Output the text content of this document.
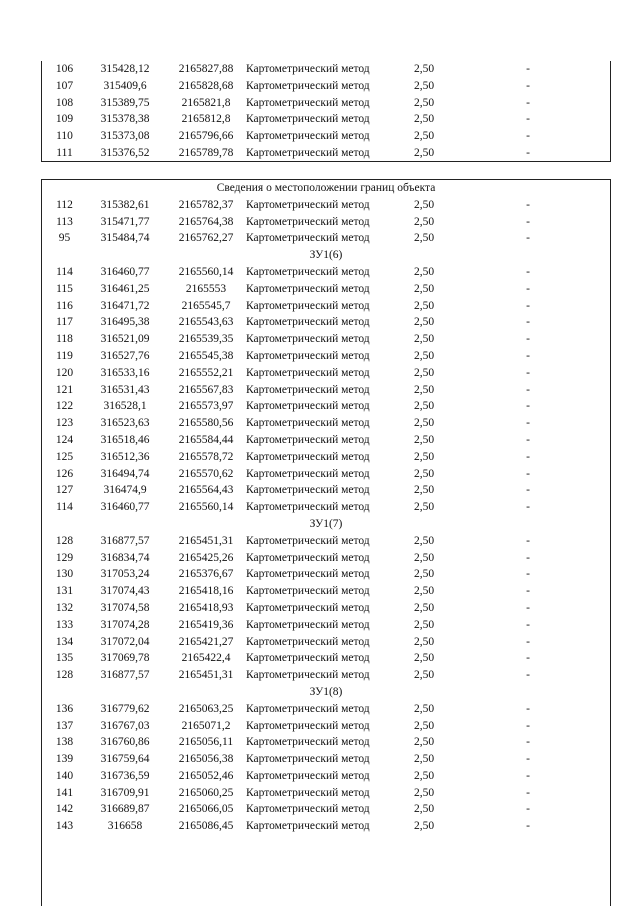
106	315428,12	2165827,88	Картометрический метод	2,50	-
107	315409,6	2165828,68	Картометрический метод	2,50	-
108	315389,75	2165821,8	Картометрический метод	2,50	-
109	315378,38	2165812,8	Картометрический метод	2,50	-
110	315373,08	2165796,66	Картометрический метод	2,50	-
111	315376,52	2165789,78	Картометрический метод	2,50	-
Сведения о местоположении границ объекта
112	315382,61	2165782,37	Картометрический метод	2,50	-
113	315471,77	2165764,38	Картометрический метод	2,50	-
95	315484,74	2165762,27	Картометрический метод	2,50	-
ЗУ1(6)
114	316460,77	2165560,14	Картометрический метод	2,50	-
115	316461,25	2165553	Картометрический метод	2,50	-
116	316471,72	2165545,7	Картометрический метод	2,50	-
117	316495,38	2165543,63	Картометрический метод	2,50	-
118	316521,09	2165539,35	Картометрический метод	2,50	-
119	316527,76	2165545,38	Картометрический метод	2,50	-
120	316533,16	2165552,21	Картометрический метод	2,50	-
121	316531,43	2165567,83	Картометрический метод	2,50	-
122	316528,1	2165573,97	Картометрический метод	2,50	-
123	316523,63	2165580,56	Картометрический метод	2,50	-
124	316518,46	2165584,44	Картометрический метод	2,50	-
125	316512,36	2165578,72	Картометрический метод	2,50	-
126	316494,74	2165570,62	Картометрический метод	2,50	-
127	316474,9	2165564,43	Картометрический метод	2,50	-
114	316460,77	2165560,14	Картометрический метод	2,50	-
ЗУ1(7)
128	316877,57	2165451,31	Картометрический метод	2,50	-
129	316834,74	2165425,26	Картометрический метод	2,50	-
130	317053,24	2165376,67	Картометрический метод	2,50	-
131	317074,43	2165418,16	Картометрический метод	2,50	-
132	317074,58	2165418,93	Картометрический метод	2,50	-
133	317074,28	2165419,36	Картометрический метод	2,50	-
134	317072,04	2165421,27	Картометрический метод	2,50	-
135	317069,78	2165422,4	Картометрический метод	2,50	-
128	316877,57	2165451,31	Картометрический метод	2,50	-
ЗУ1(8)
136	316779,62	2165063,25	Картометрический метод	2,50	-
137	316767,03	2165071,2	Картометрический метод	2,50	-
138	316760,86	2165056,11	Картометрический метод	2,50	-
139	316759,64	2165056,38	Картометрический метод	2,50	-
140	316736,59	2165052,46	Картометрический метод	2,50	-
141	316709,91	2165060,25	Картометрический метод	2,50	-
142	316689,87	2165066,05	Картометрический метод	2,50	-
143	316658	2165086,45	Картометрический метод	2,50	-
